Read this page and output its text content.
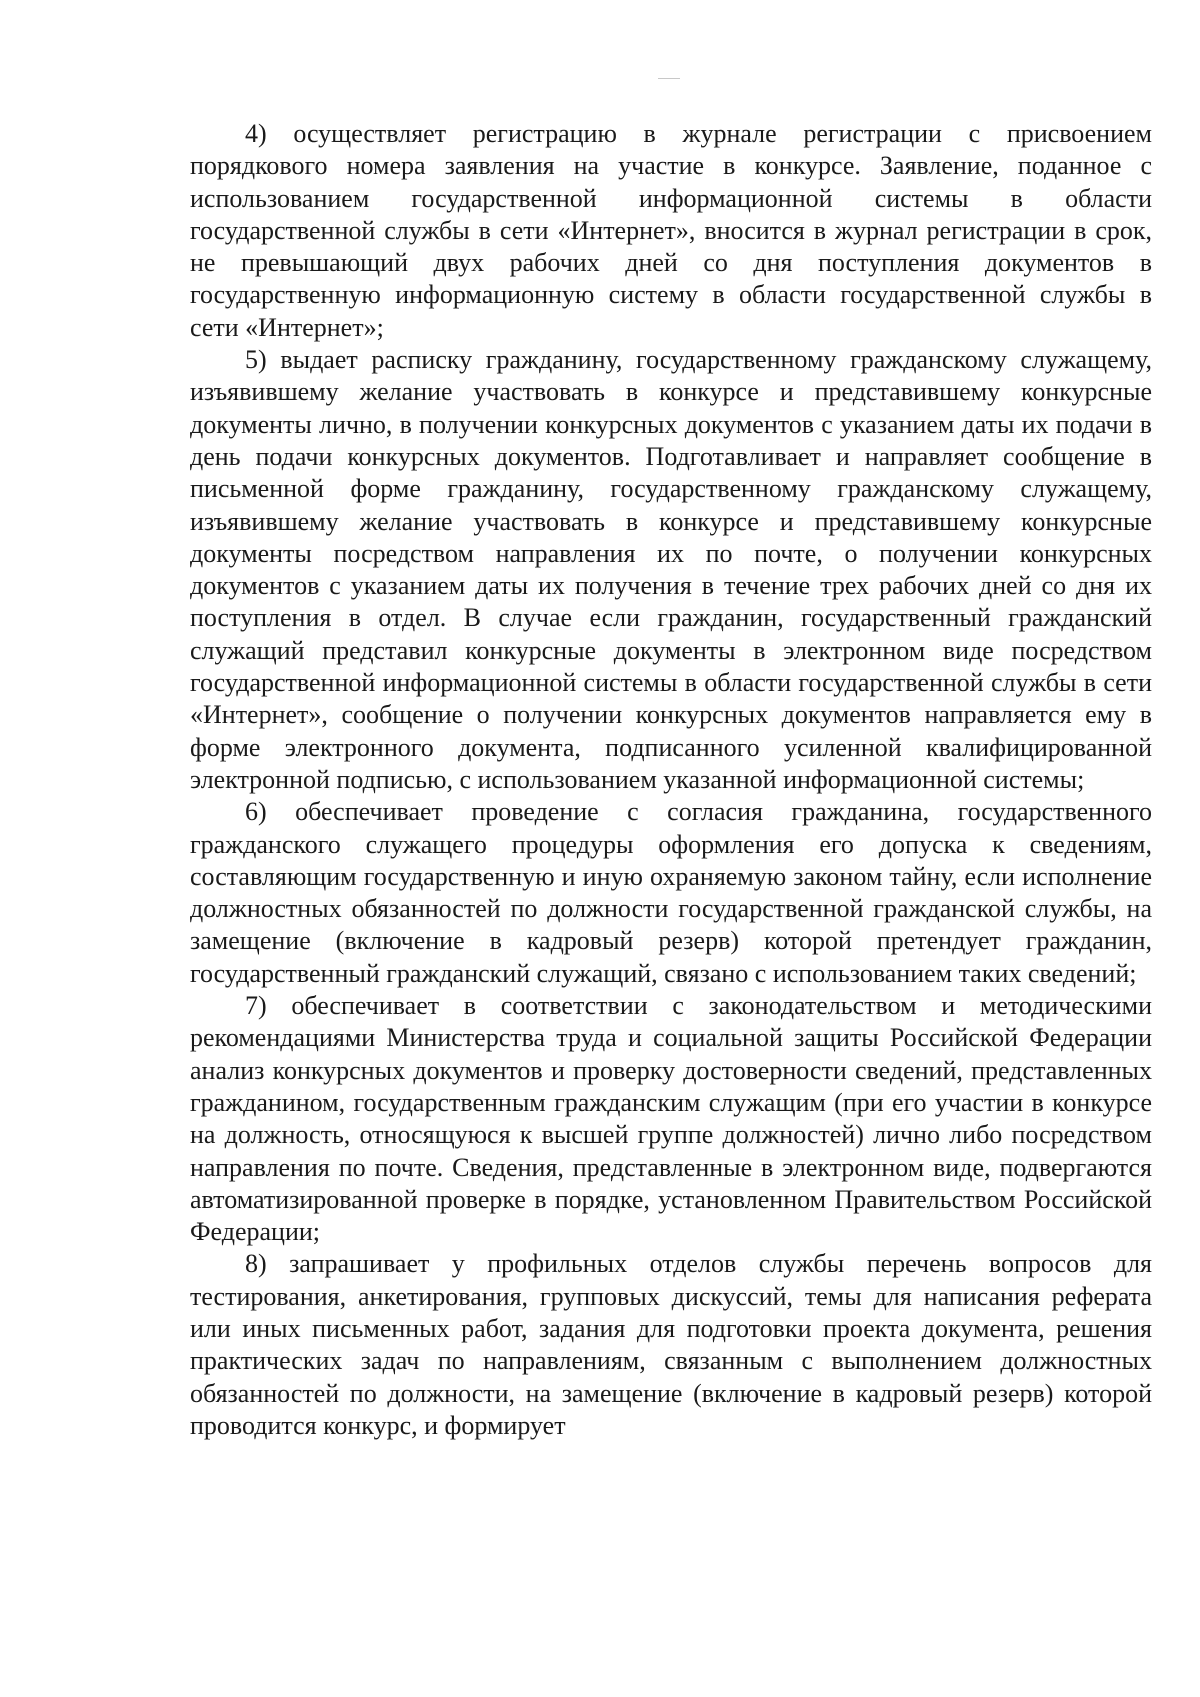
4) осуществляет регистрацию в журнале регистрации с присвоением порядкового номера заявления на участие в конкурсе. Заявление, поданное с использованием государственной информационной системы в области государственной службы в сети «Интернет», вносится в журнал регистрации в срок, не превышающий двух рабочих дней со дня поступления документов в государственную информационную систему в области государственной службы в сети «Интернет»;

5) выдает расписку гражданину, государственному гражданскому служащему, изъявившему желание участвовать в конкурсе и представившему конкурсные документы лично, в получении конкурсных документов с указанием даты их подачи в день подачи конкурсных документов. Подготавливает и направляет сообщение в письменной форме гражданину, государственному гражданскому служащему, изъявившему желание участвовать в конкурсе и представившему конкурсные документы посредством направления их по почте, о получении конкурсных документов с указанием даты их получения в течение трех рабочих дней со дня их поступления в отдел. В случае если гражданин, государственный гражданский служащий представил конкурсные документы в электронном виде посредством государственной информационной системы в области государственной службы в сети «Интернет», сообщение о получении конкурсных документов направляется ему в форме электронного документа, подписанного усиленной квалифицированной электронной подписью, с использованием указанной информационной системы;

6) обеспечивает проведение с согласия гражданина, государственного гражданского служащего процедуры оформления его допуска к сведениям, составляющим государственную и иную охраняемую законом тайну, если исполнение должностных обязанностей по должности государственной гражданской службы, на замещение (включение в кадровый резерв) которой претендует гражданин, государственный гражданский служащий, связано с использованием таких сведений;

7) обеспечивает в соответствии с законодательством и методическими рекомендациями Министерства труда и социальной защиты Российской Федерации анализ конкурсных документов и проверку достоверности сведений, представленных гражданином, государственным гражданским служащим (при его участии в конкурсе на должность, относящуюся к высшей группе должностей) лично либо посредством направления по почте. Сведения, представленные в электронном виде, подвергаются автоматизированной проверке в порядке, установленном Правительством Российской Федерации;

8) запрашивает у профильных отделов службы перечень вопросов для тестирования, анкетирования, групповых дискуссий, темы для написания реферата или иных письменных работ, задания для подготовки проекта документа, решения практических задач по направлениям, связанным с выполнением должностных обязанностей по должности, на замещение (включение в кадровый резерв) которой проводится конкурс, и формирует
